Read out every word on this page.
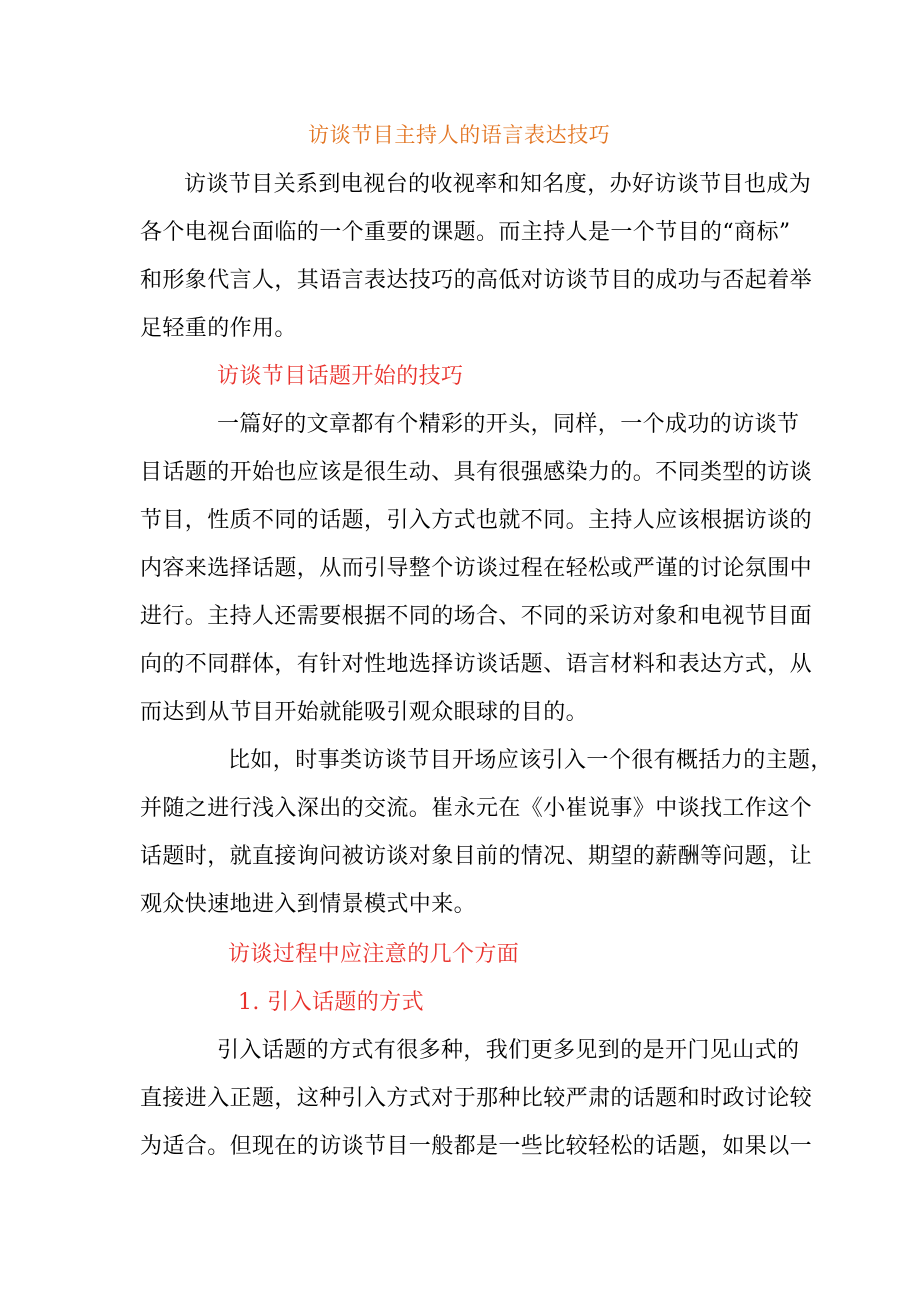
访谈节目主持人的语言表达技巧

访谈节目关系到电视台的收视率和知名度，办好访谈节目也成为

各个电视台面临的一个重要的课题。而主持人是一个节目的“商标”

和形象代言人，其语言表达技巧的高低对访谈节目的成功与否起着举

足轻重的作用。

访谈节目话题开始的技巧

一篇好的文章都有个精彩的开头，同样，一个成功的访谈节

目话题的开始也应该是很生动、具有很强感染力的。不同类型的访谈

节目，性质不同的话题，引入方式也就不同。主持人应该根据访谈的

内容来选择话题，从而引导整个访谈过程在轻松或严谨的讨论氛围中

进行。主持人还需要根据不同的场合、不同的采访对象和电视节目面

向的不同群体，有针对性地选择访谈话题、语言材料和表达方式，从

而达到从节目开始就能吸引观众眼球的目的。

比如，时事类访谈节目开场应该引入一个很有概括力的主题，

并随之进行浅入深出的交流。崔永元在《小崔说事》中谈找工作这个

话题时，就直接询问被访谈对象目前的情况、期望的薪酬等问题，让

观众快速地进入到情景模式中来。

访谈过程中应注意的几个方面

1. 引入话题的方式

引入话题的方式有很多种，我们更多见到的是开门见山式的

直接进入正题，这种引入方式对于那种比较严肃的话题和时政讨论较

为适合。但现在的访谈节目一般都是一些比较轻松的话题，如果以一
